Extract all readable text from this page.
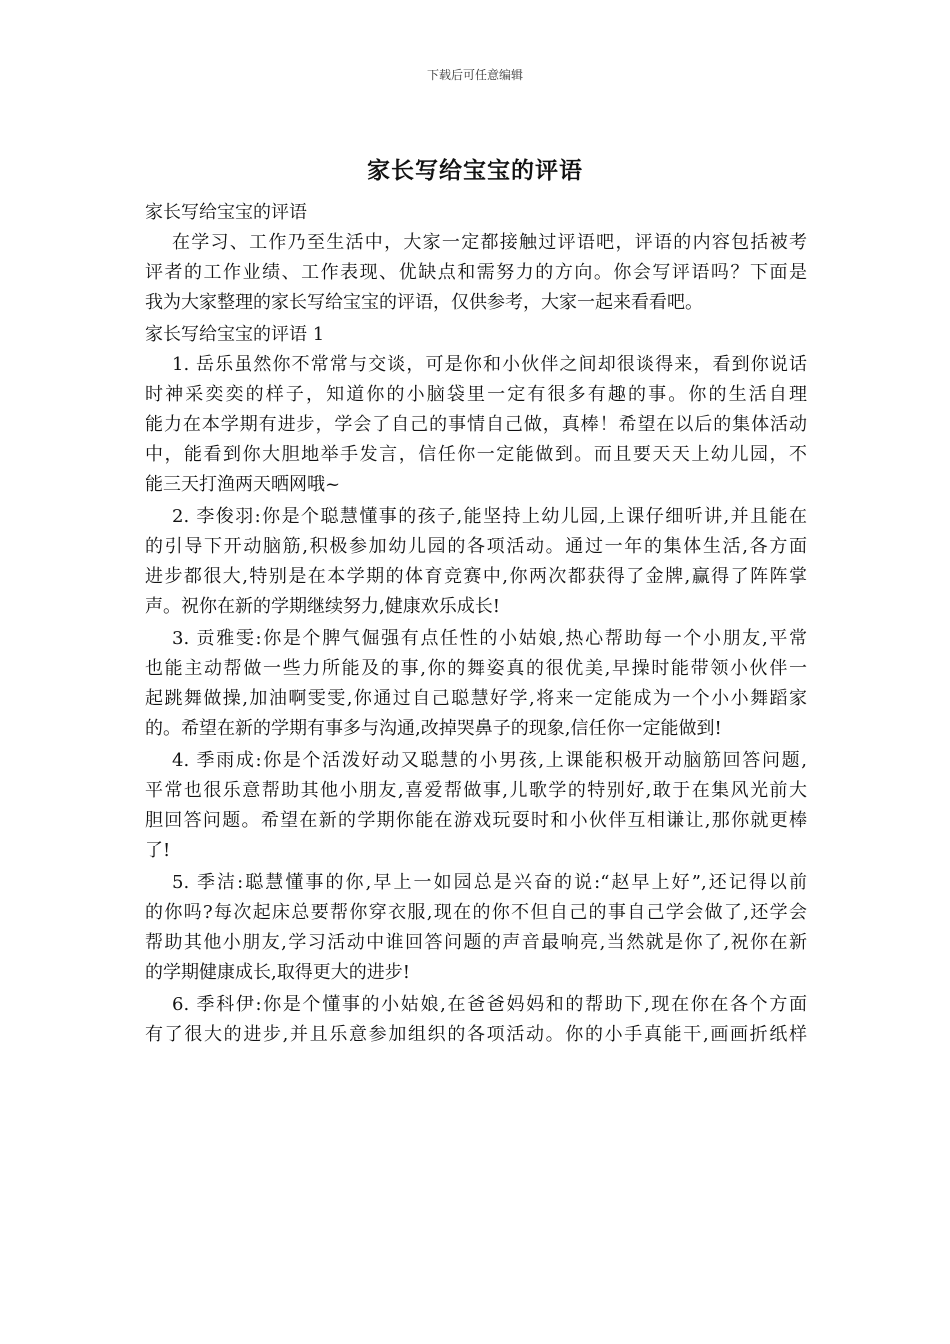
下载后可任意编辑
家长写给宝宝的评语
家长写给宝宝的评语
在学习、工作乃至生活中，大家一定都接触过评语吧，评语的内容包括被考
评者的工作业绩、工作表现、优缺点和需努力的方向。你会写评语吗？下面是
我为大家整理的家长写给宝宝的评语，仅供参考，大家一起来看看吧。
家长写给宝宝的评语 1
1. 岳乐虽然你不常常与交谈，可是你和小伙伴之间却很谈得来，看到你说话
时神采奕奕的样子，知道你的小脑袋里一定有很多有趣的事。你的生活自理
能力在本学期有进步，学会了自己的事情自己做，真棒！希望在以后的集体活动
中，能看到你大胆地举手发言，信任你一定能做到。而且要天天上幼儿园，不
能三天打渔两天晒网哦~
2. 李俊羽:你是个聪慧懂事的孩子,能坚持上幼儿园,上课仔细听讲,并且能在
的引导下开动脑筋,积极参加幼儿园的各项活动。通过一年的集体生活,各方面
进步都很大,特别是在本学期的体育竞赛中,你两次都获得了金牌,赢得了阵阵掌
声。祝你在新的学期继续努力,健康欢乐成长!
3. 贡雅雯:你是个脾气倔强有点任性的小姑娘,热心帮助每一个小朋友,平常
也能主动帮做一些力所能及的事,你的舞姿真的很优美,早操时能带领小伙伴一
起跳舞做操,加油啊雯雯,你通过自己聪慧好学,将来一定能成为一个小小舞蹈家
的。希望在新的学期有事多与沟通,改掉哭鼻子的现象,信任你一定能做到!
4. 季雨成:你是个活泼好动又聪慧的小男孩,上课能积极开动脑筋回答问题,
平常也很乐意帮助其他小朋友,喜爱帮做事,儿歌学的特别好,敢于在集风光前大
胆回答问题。希望在新的学期你能在游戏玩耍时和小伙伴互相谦让,那你就更棒
了!
5. 季洁:聪慧懂事的你,早上一如园总是兴奋的说:“赵早上好”,还记得以前
的你吗?每次起床总要帮你穿衣服,现在的你不但自己的事自己学会做了,还学会
帮助其他小朋友,学习活动中谁回答问题的声音最响亮,当然就是你了,祝你在新
的学期健康成长,取得更大的进步!
6. 季科伊:你是个懂事的小姑娘,在爸爸妈妈和的帮助下,现在你在各个方面
有了很大的进步,并且乐意参加组织的各项活动。你的小手真能干,画画折纸样
